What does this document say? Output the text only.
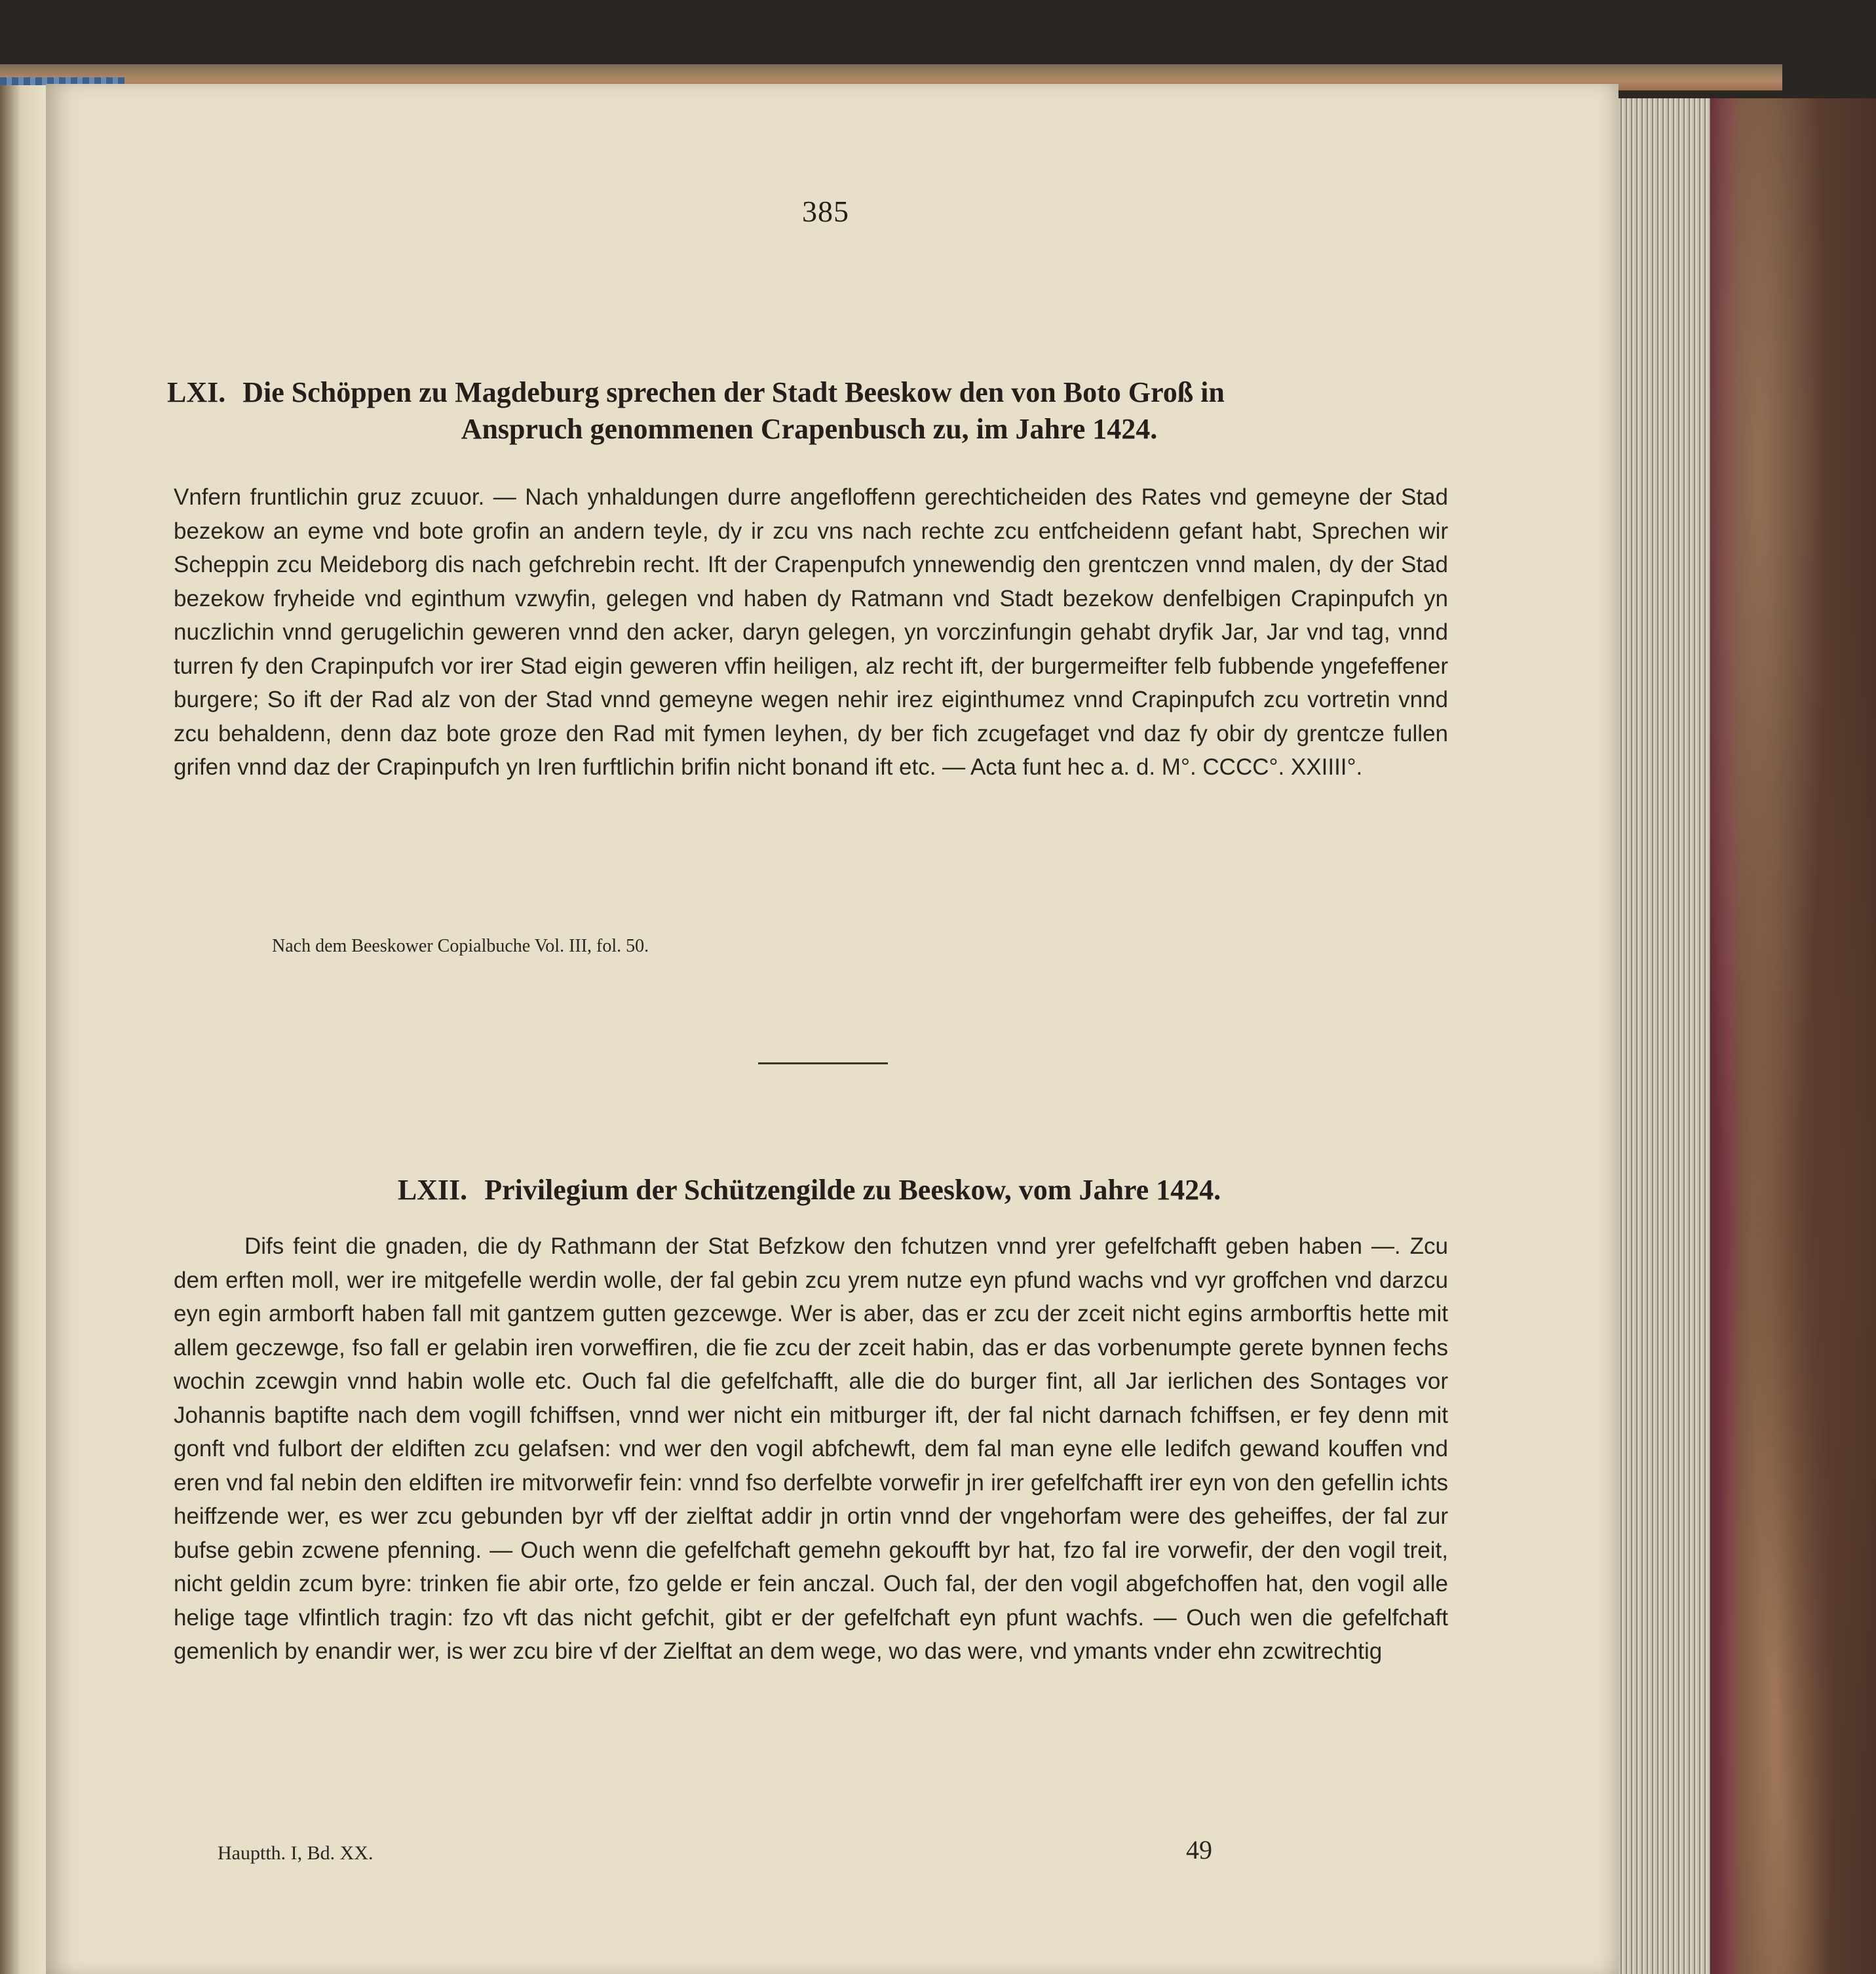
385
LXI. Die Schöppen zu Magdeburg sprechen der Stadt Beeskow den von Boto Groß in
Anspruch genommenen Crapenbusch zu, im Jahre 1424.
Vnfern fruntlichin gruz zcuuor. — Nach ynhaldungen durre angefloffenn gerechticheiden des Rates vnd gemeyne der Stad bezekow an eyme vnd bote grofin an andern teyle, dy ir zcu vns nach rechte zcu entfcheidenn gefant habt, Sprechen wir Scheppin zcu Meideborg dis nach gefchrebin recht. Ift der Crapenpufch ynnewendig den grentczen vnnd malen, dy der Stad bezekow fryheide vnd eginthum vzwyfin, gelegen vnd haben dy Ratmann vnd Stadt bezekow denfelbigen Crapinpufch yn nuczlichin vnnd gerugelichin geweren vnnd den acker, daryn gelegen, yn vorczinfungin gehabt dryfik Jar, Jar vnd tag, vnnd turren fy den Crapinpufch vor irer Stad eigin geweren vffin heiligen, alz recht ift, der burgermeifter felb fubbende yngefeffener burgere; So ift der Rad alz von der Stad vnnd gemeyne wegen nehir irez eiginthumez vnnd Crapinpufch zcu vortretin vnnd zcu behaldenn, denn daz bote groze den Rad mit fymen leyhen, dy ber fich zcugefaget vnd daz fy obir dy grentcze fullen grifen vnnd daz der Crapinpufch yn Iren furftlichin brifin nicht bonand ift etc. — Acta funt hec a. d. M°. CCCC°. XXIIII°.
Nach dem Beeskower Copialbuche Vol. III, fol. 50.
LXII. Privilegium der Schützengilde zu Beeskow, vom Jahre 1424.
Difs feint die gnaden, die dy Rathmann der Stat Befzkow den fchutzen vnnd yrer gefelfchafft geben haben —. Zcu dem erften moll, wer ire mitgefelle werdin wolle, der fal gebin zcu yrem nutze eyn pfund wachs vnd vyr groffchen vnd darzcu eyn egin armborft haben fall mit gantzem gutten gezcewge. Wer is aber, das er zcu der zceit nicht egins armborftis hette mit allem geczewge, fso fall er gelabin iren vorweffiren, die fie zcu der zceit habin, das er das vorbenumpte gerete bynnen fechs wochin zcewgin vnnd habin wolle etc. Ouch fal die gefelfchafft, alle die do burger fint, all Jar ierlichen des Sontages vor Johannis baptifte nach dem vogill fchiffsen, vnnd wer nicht ein mitburger ift, der fal nicht darnach fchiffsen, er fey denn mit gonft vnd fulbort der eldiften zcu gelafsen: vnd wer den vogil abfchewft, dem fal man eyne elle ledifch gewand kouffen vnd eren vnd fal nebin den eldiften ire mitvorwefir fein: vnnd fso derfelbte vorwefir jn irer gefelfchafft irer eyn von den gefellin ichts heiffzende wer, es wer zcu gebunden byr vff der zielftat addir jn ortin vnnd der vngehorfam were des geheiffes, der fal zur bufse gebin zcwene pfenning. — Ouch wenn die gefelfchaft gemehn gekoufft byr hat, fzo fal ire vorwefir, der den vogil treit, nicht geldin zcum byre: trinken fie abir orte, fzo gelde er fein anczal. Ouch fal, der den vogil abgefchoffen hat, den vogil alle helige tage vlfintlich tragin: fzo vft das nicht gefchit, gibt er der gefelfchaft eyn pfunt wachfs. — Ouch wen die gefelfchaft gemenlich by enandir wer, is wer zcu bire vf der Zielftat an dem wege, wo das were, vnd ymants vnder ehn zcwitrechtig
Hauptth. I, Bd. XX.	49
